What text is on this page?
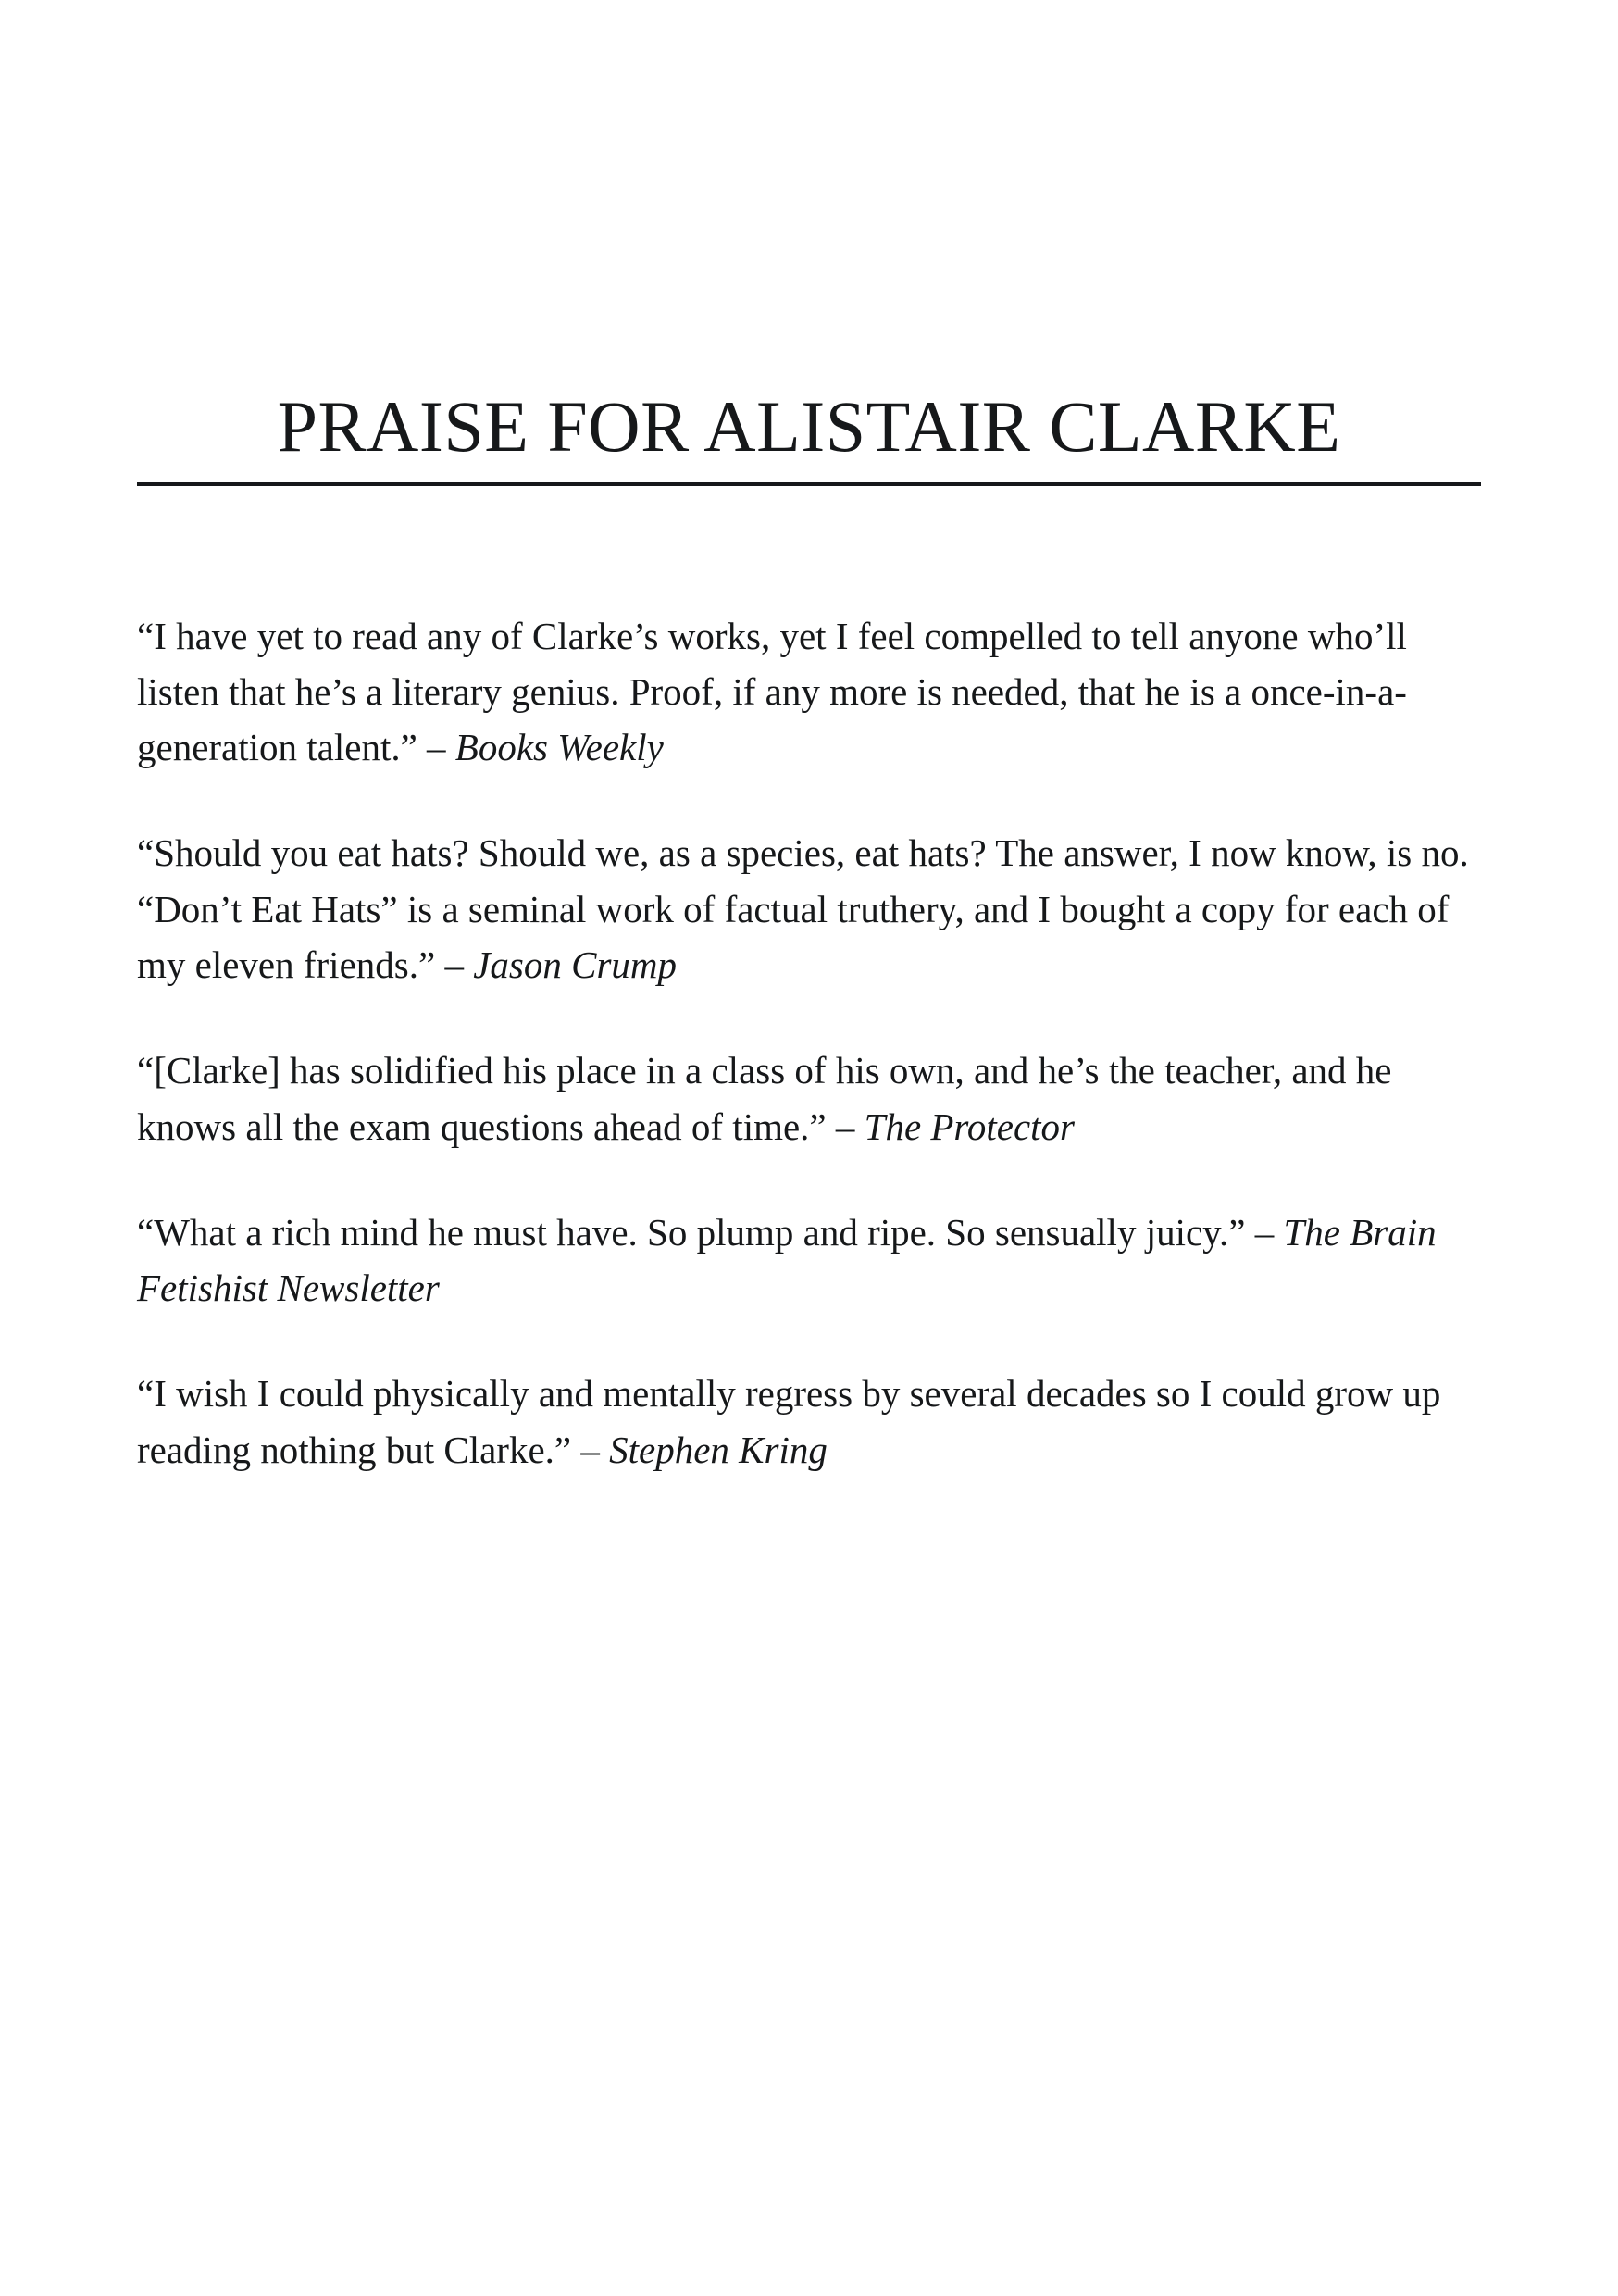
PRAISE FOR ALISTAIR CLARKE

“I have yet to read any of Clarke’s works, yet I feel compelled to tell anyone who’ll listen that he’s a literary genius. Proof, if any more is needed, that he is a once-in-a-generation talent.” – Books Weekly

“Should you eat hats? Should we, as a species, eat hats? The answer, I now know, is no. “Don’t Eat Hats” is a seminal work of factual truthery, and I bought a copy for each of my eleven friends.” – Jason Crump

“[Clarke] has solidified his place in a class of his own, and he’s the teacher, and he knows all the exam questions ahead of time.” – The Protector

“What a rich mind he must have. So plump and ripe. So sensually juicy.” – The Brain Fetishist Newsletter

“I wish I could physically and mentally regress by several decades so I could grow up reading nothing but Clarke.” – Stephen Kring
